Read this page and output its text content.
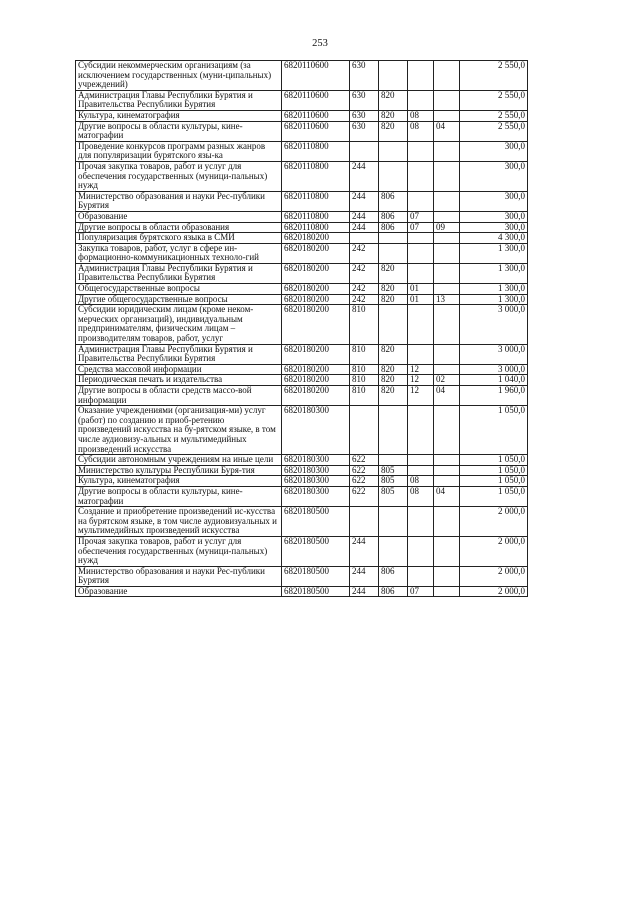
253
Субсидии некоммерческим организациям (за исключением государственных (муни-ципальных) учреждений)	6820110600	630				2 550,0
Администрация Главы Республики Бурятия и Правительства Республики Бурятия	6820110600	630	820			2 550,0
Культура, кинематография	6820110600	630	820	08		2 550,0
Другие вопросы в области культуры, кине-матографии	6820110600	630	820	08	04	2 550,0
Проведение конкурсов программ разных жанров для популяризации бурятского язы-ка	6820110800					300,0
Прочая закупка товаров, работ и услуг для обеспечения государственных (муници-пальных) нужд	6820110800	244				300,0
Министерство образования и науки Рес-публики Бурятия	6820110800	244	806			300,0
Образование	6820110800	244	806	07		300,0
Другие вопросы в области образования	6820110800	244	806	07	09	300,0
Популяризация бурятского языка в СМИ	6820180200					4 300,0
Закупка товаров, работ, услуг в сфере ин-формационно-коммуникационных техноло-гий	6820180200	242				1 300,0
Администрация Главы Республики Бурятия и Правительства Республики Бурятия	6820180200	242	820			1 300,0
Общегосударственные вопросы	6820180200	242	820	01		1 300,0
Другие общегосударственные вопросы	6820180200	242	820	01	13	1 300,0
Субсидии юридическим лицам (кроме неком-мерческих организаций), индивидуальным предпринимателям, физическим лицам – производителям товаров, работ, услуг	6820180200	810				3 000,0
Администрация Главы Республики Бурятия и Правительства Республики Бурятия	6820180200	810	820			3 000,0
Средства массовой информации	6820180200	810	820	12		3 000,0
Периодическая печать и издательства	6820180200	810	820	12	02	1 040,0
Другие вопросы в области средств массо-вой информации	6820180200	810	820	12	04	1 960,0
Оказание учреждениями (организация-ми) услуг (работ) по созданию и приоб-ретению произведений искусства на бу-рятском языке, в том числе аудиовизу-альных и мультимедийных произведений искусства	6820180300					1 050,0
Субсидии автономным учреждениям на иные цели	6820180300	622				1 050,0
Министерство культуры Республики Буря-тия	6820180300	622	805			1 050,0
Культура, кинематография	6820180300	622	805	08		1 050,0
Другие вопросы в области культуры, кине-матографии	6820180300	622	805	08	04	1 050,0
Создание и приобретение произведений ис-кусства на бурятском языке, в том числе аудиовизуальных и мультимедийных произведений искусства	6820180500					2 000,0
Прочая закупка товаров, работ и услуг для обеспечения государственных (муници-пальных) нужд	6820180500	244				2 000,0
Министерство образования и науки Рес-публики Бурятия	6820180500	244	806			2 000,0
Образование	6820180500	244	806	07		2 000,0
